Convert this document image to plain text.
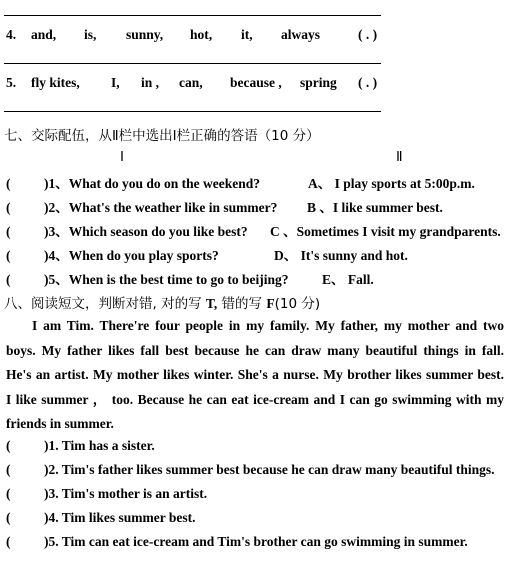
4. and, is, sunny, hot, it, always	( . )
5. fly kites, I, in , can, because , spring ( . )
七、交际配伍，从Ⅱ栏中选出Ⅰ栏正确的答语（10 分）
Ⅰ	Ⅱ
( )1、What do you do on the weekend?	A、 I play sports at 5:00p.m.
( )2、What's the weather like in summer? B 、I like summer best.
( )3、Which season do you like best? C 、Sometimes I visit my grandparents.
( )4、When do you play sports?	D、 It's sunny and hot.
( )5、When is the best time to go to beijing? E、 Fall.
八、阅读短文，判断对错, 对的写 T, 错的写 F(10 分)

I am Tim. There're four people in my family. My father, my mother and two

boys. My father likes fall best because he can draw many beautiful things in fall.

He's an artist. My mother likes winter. She's a nurse. My brother likes summer best.

I like summer ， too. Because he can eat ice-cream and I can go swimming with my

friends in summer.

( )1. Tim has a sister.
( )2. Tim's father likes summer best because he can draw many beautiful things.
( )3. Tim's mother is an artist.
( )4. Tim likes summer best.
( )5. Tim can eat ice-cream and Tim's brother can go swimming in summer.
